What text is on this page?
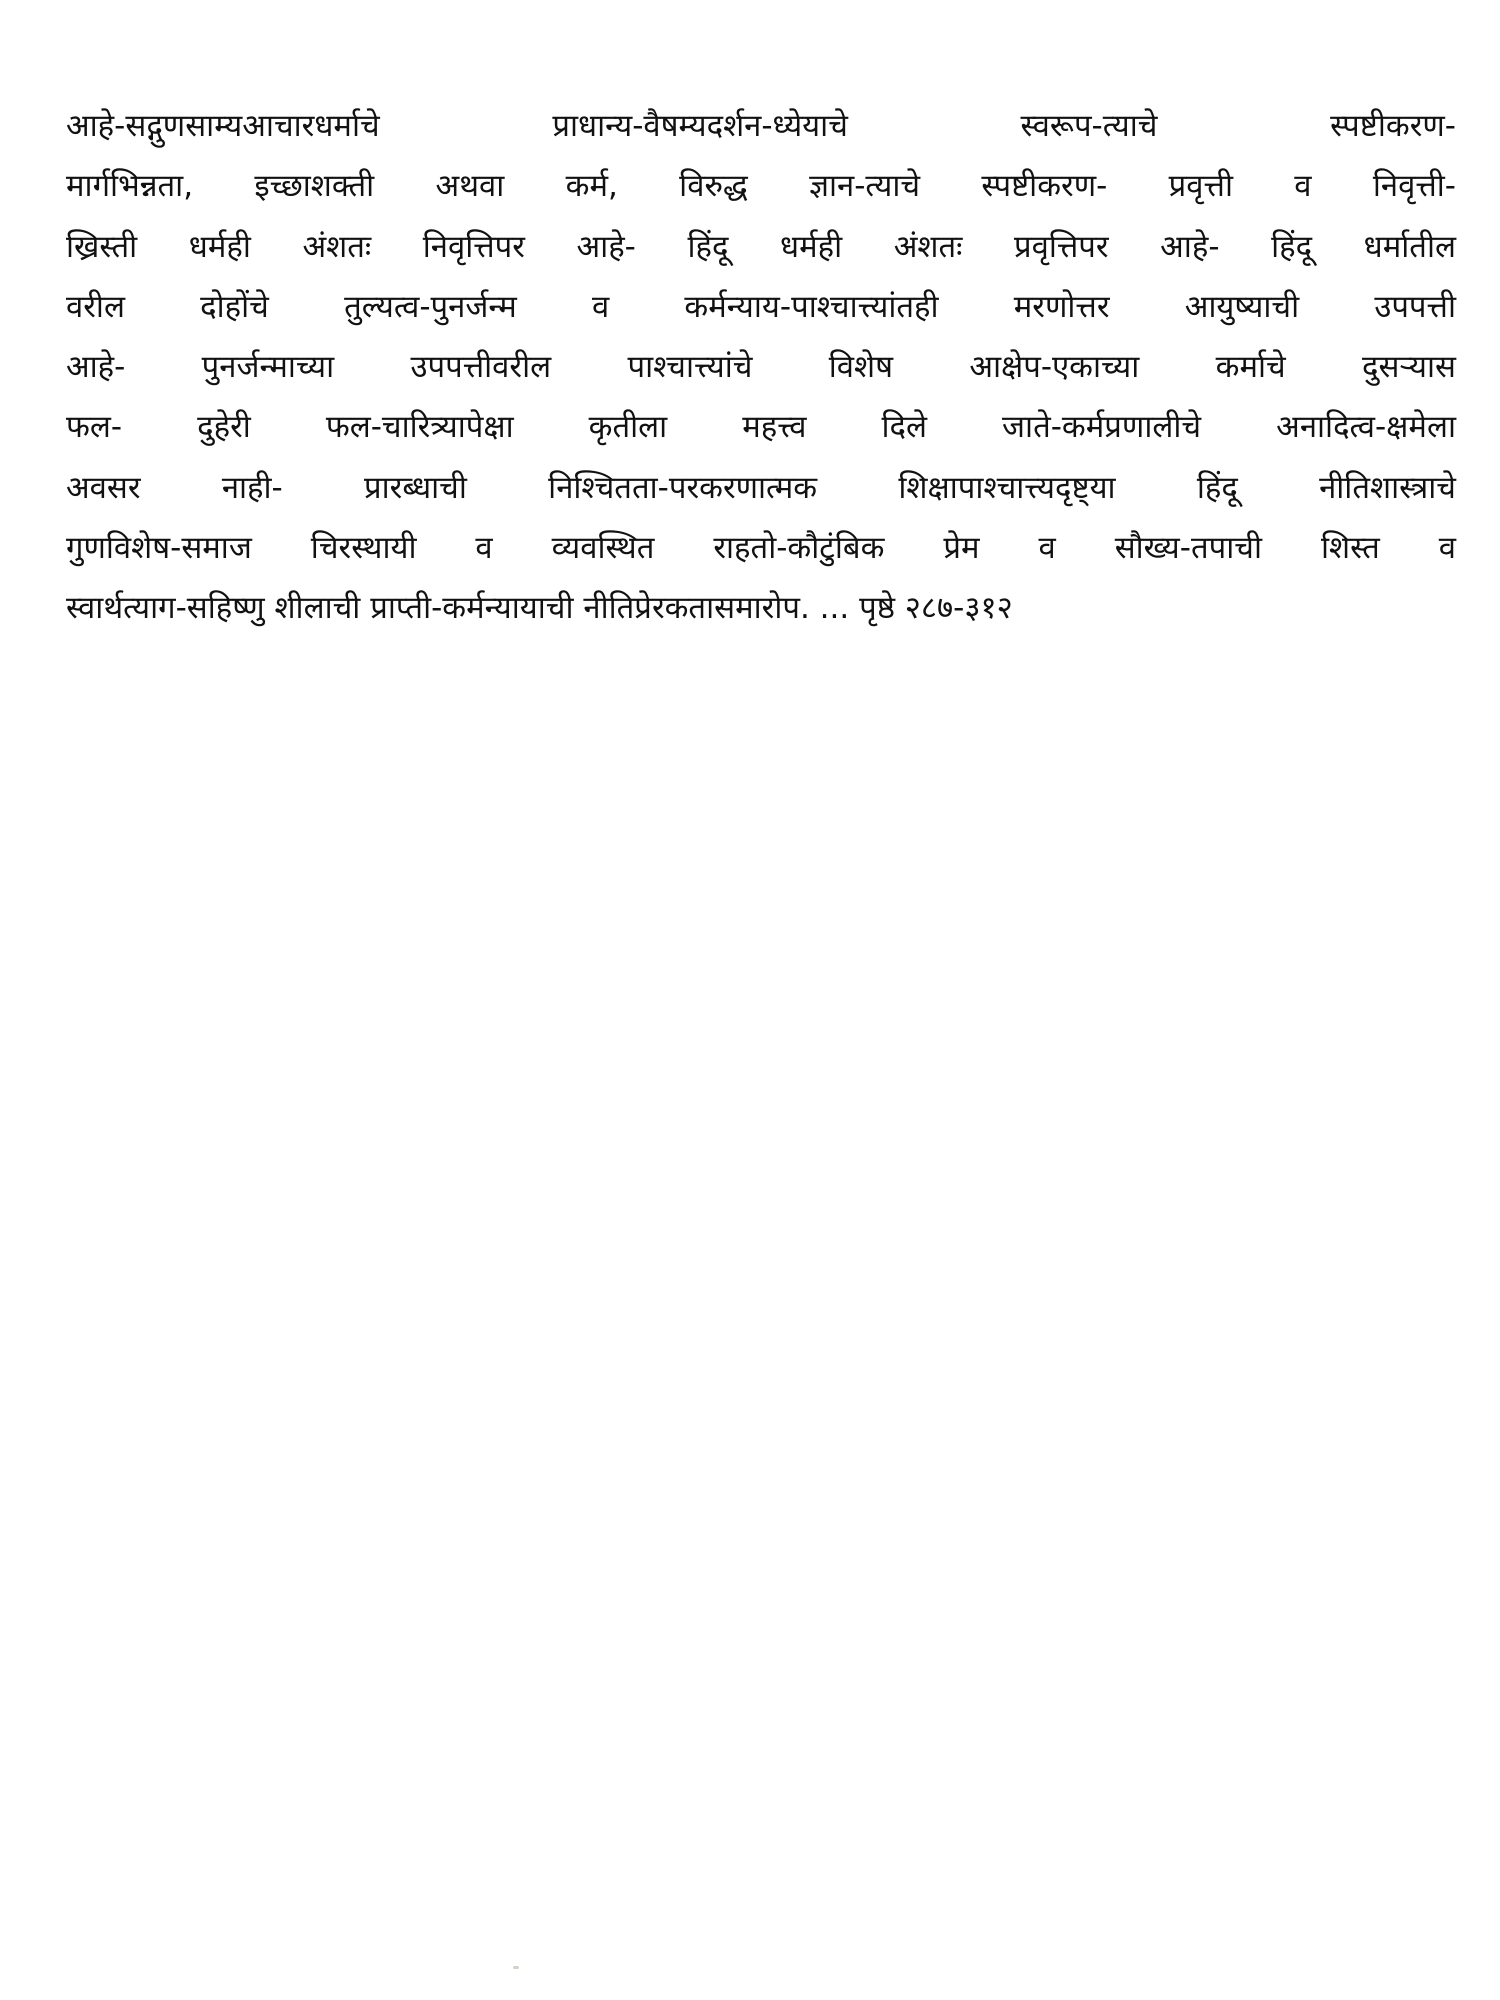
आहे-सद्गुणसाम्यआचारधर्माचे प्राधान्य-वैषम्यदर्शन-ध्येयाचे स्वरूप-त्याचे स्पष्टीकरण-
मार्गभिन्नता, इच्छाशक्ती अथवा कर्म, विरुद्ध ज्ञान-त्याचे स्पष्टीकरण- प्रवृत्ती व निवृत्ती-
ख्रिस्ती धर्मही अंशतः निवृत्तिपर आहे- हिंदू धर्मही अंशतः प्रवृत्तिपर आहे- हिंदू धर्मातील
वरील दोहोंचे तुल्यत्व-पुनर्जन्म व कर्मन्याय-पाश्चात्त्यांतही मरणोत्तर आयुष्याची उपपत्ती
आहे- पुनर्जन्माच्या उपपत्तीवरील पाश्चात्त्यांचे विशेष आक्षेप-एकाच्या कर्माचे दुसऱ्यास
फल- दुहेरी फल-चारित्र्यापेक्षा कृतीला महत्त्व दिले जाते-कर्मप्रणालीचे अनादित्व-क्षमेला
अवसर नाही- प्रारब्धाची निश्चितता-परकरणात्मक शिक्षापाश्चात्त्यदृष्ट्या हिंदू नीतिशास्त्राचे
गुणविशेष-समाज चिरस्थायी व व्यवस्थित राहतो-कौटुंबिक प्रेम व सौख्य-तपाची शिस्त व
स्वार्थत्याग-सहिष्णु शीलाची प्राप्ती-कर्मन्यायाची नीतिप्रेरकतासमारोप. ... पृष्ठे २८७-३१२
